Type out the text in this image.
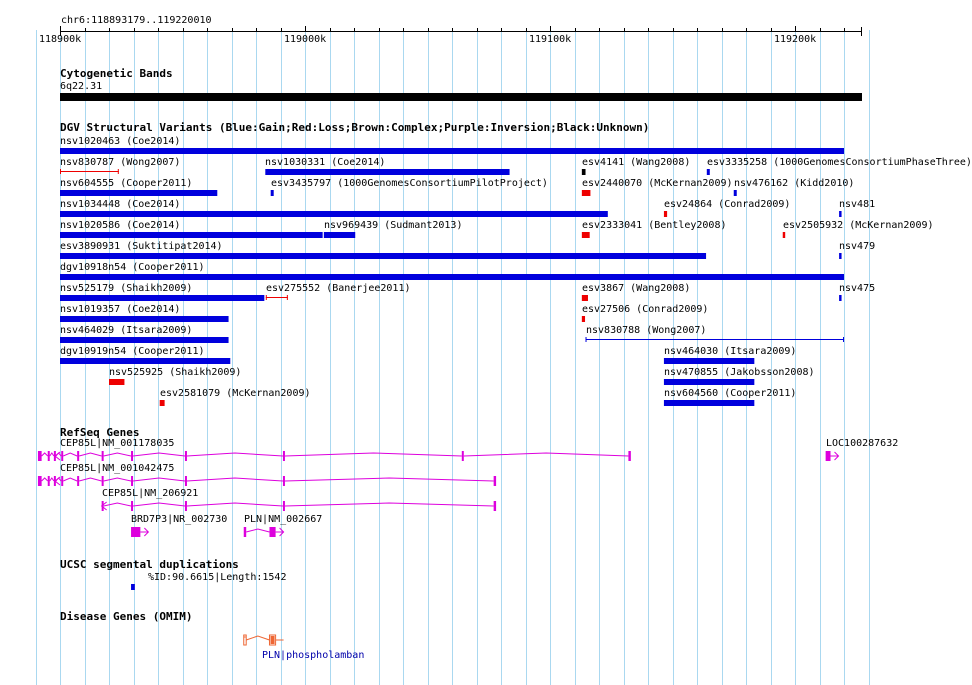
chr6:118893179..119220010
Cytogenetic Bands
6q22.31
DGV Structural Variants (Blue:Gain;Red:Loss;Brown:Complex;Purple:Inversion;Black:Unknown)
RefSeq Genes
UCSC segmental duplications
%ID:90.6615|Length:1542
Disease Genes (OMIM)
PLN|phospholamban
118900k	119000k	119100k	119200k
nsv1020463 (Coe2014)
nsv830787 (Wong2007)	nsv1030331 (Coe2014)	esv4141 (Wang2008) esv3335258 (1000GenomesConsortiumPhaseThree)
nsv604555 (Cooper2011)	esv3435797 (1000GenomesConsortiumPilotProject)	esv2440070 (McKernan2009) nsv476162 (Kidd2010)
nsv1034448 (Coe2014)	esv24864 (Conrad2009)	nsv481
nsv1020586 (Coe2014)	nsv969439 (Sudmant2013)	esv2333041 (Bentley2008)	esv2505932 (McKernan2009)
esv3890931 (Suktitipat2014)	nsv479
dgv10918n54 (Cooper2011)
nsv525179 (Shaikh2009)	esv275552 (Banerjee2011)	esv3867 (Wang2008)	nsv475
nsv1019357 (Coe2014)	esv27506 (Conrad2009)
nsv464029 (Itsara2009)	nsv830788 (Wong2007)
dgv10919n54 (Cooper2011)	nsv464030 (Itsara2009)
nsv525925 (Shaikh2009)	nsv470855 (Jakobsson2008)
esv2581079 (McKernan2009)	nsv604560 (Cooper2011)
CEP85L|NM_001178035	LOC100287632
CEP85L|NM_001042475
CEP85L|NM_206921
BRD7P3|NR_002730 PLN|NM_002667
